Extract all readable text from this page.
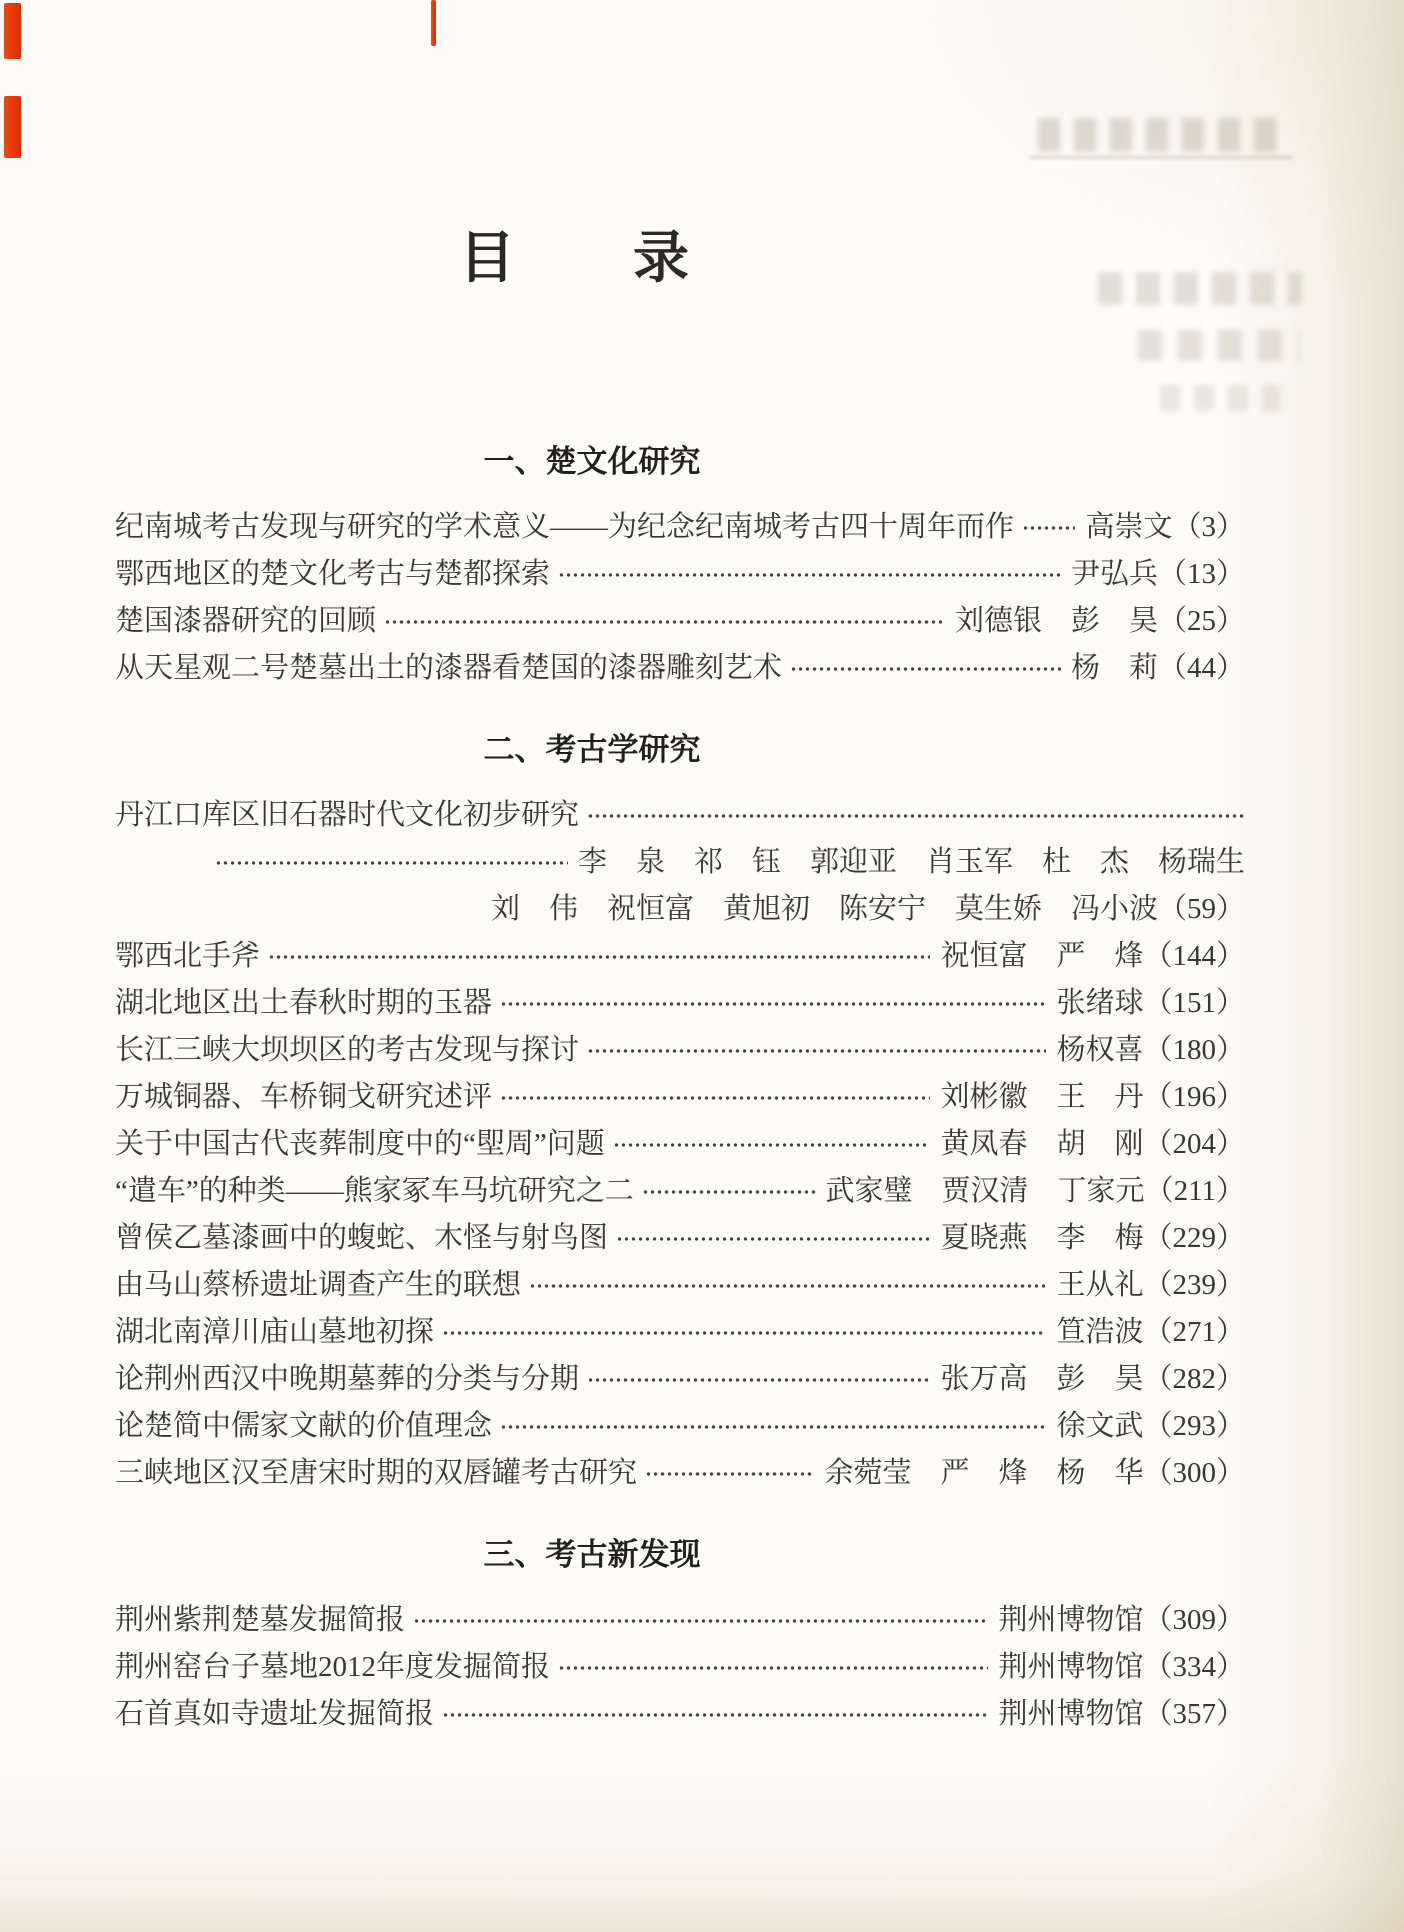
目　　录
一、楚文化研究
纪南城考古发现与研究的学术意义——为纪念纪南城考古四十周年而作 高崇文 （3）
鄂西地区的楚文化考古与楚都探索	尹弘兵 （13）
楚国漆器研究的回顾	刘德银　彭　昊 （25）
从天星观二号楚墓出土的漆器看楚国的漆器雕刻艺术	杨　莉 （44）
二、考古学研究
丹江口库区旧石器时代文化初步研究
李　泉　祁　钰　郭迎亚　肖玉军　杜　杰　杨瑞生
刘　伟　祝恒富　黄旭初　陈安宁　莫生娇　冯小波 （59）
鄂西北手斧	祝恒富　严　烽 （144）
湖北地区出土春秋时期的玉器	张绪球 （151）
长江三峡大坝坝区的考古发现与探讨	杨权喜 （180）
万城铜器、车桥铜戈研究述评	刘彬徽　王　丹 （196）
关于中国古代丧葬制度中的“堲周”问题	黄凤春　胡　刚 （204）
“遣车”的种类——熊家冢车马坑研究之二	武家璧　贾汉清　丁家元 （211）
曾侯乙墓漆画中的蝮蛇、木怪与射鸟图	夏晓燕　李　梅 （229）
由马山蔡桥遗址调查产生的联想	王从礼 （239）
湖北南漳川庙山墓地初探	笪浩波 （271）
论荆州西汉中晚期墓葬的分类与分期	张万高　彭　昊 （282）
论楚简中儒家文献的价值理念	徐文武 （293）
三峡地区汉至唐宋时期的双唇罐考古研究	余菀莹　严　烽　杨　华 （300）
三、考古新发现
荆州紫荆楚墓发掘简报	荆州博物馆 （309）
荆州窑台子墓地2012年度发掘简报	荆州博物馆 （334）
石首真如寺遗址发掘简报	荆州博物馆 （357）
